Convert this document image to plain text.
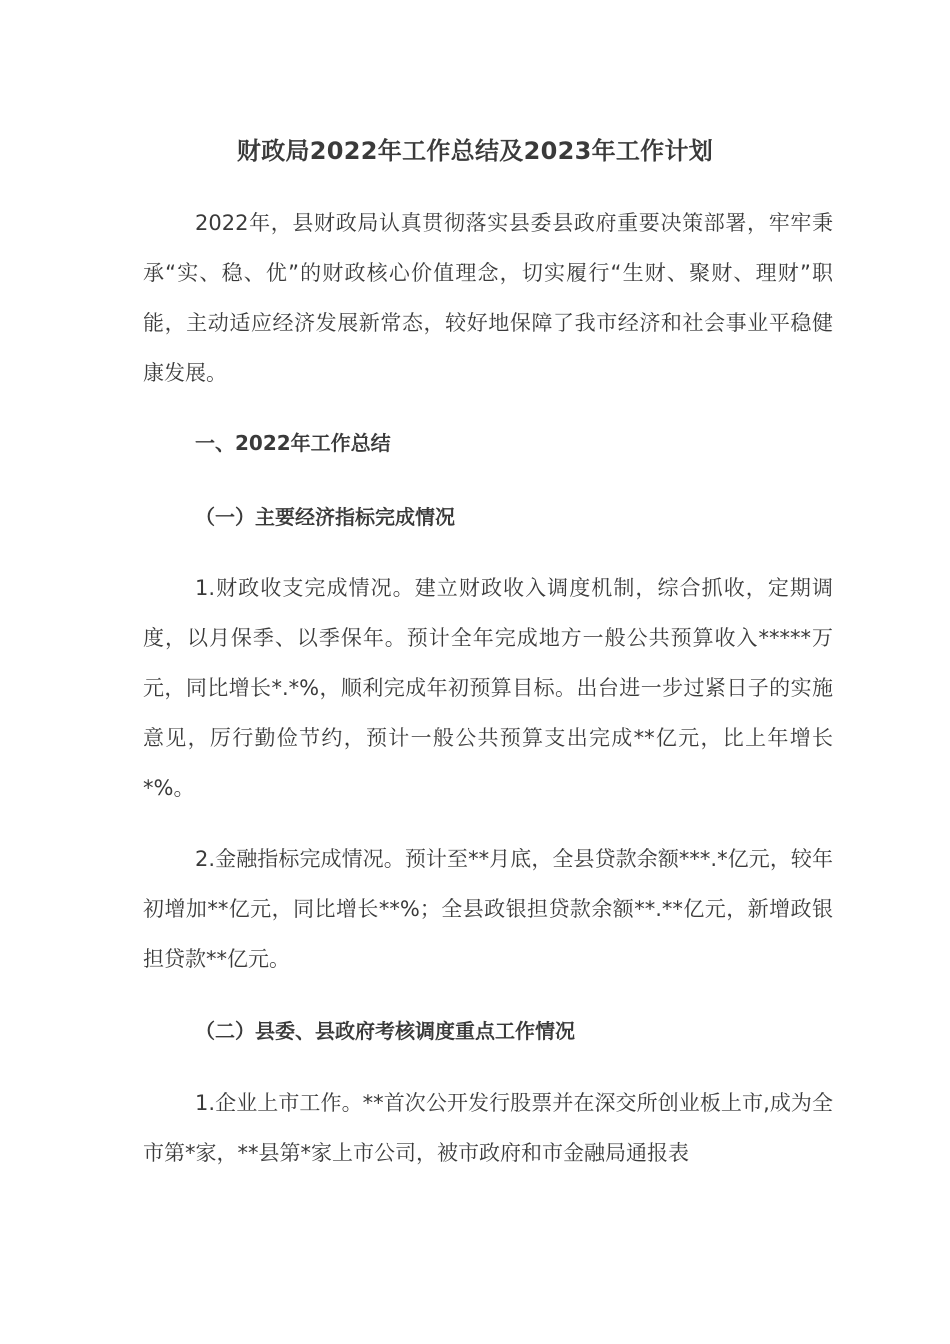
财政局2022年工作总结及2023年工作计划

2022年，县财政局认真贯彻落实县委县政府重要决策部署，牢牢秉承“实、稳、优”的财政核心价值理念，切实履行“生财、聚财、理财”职能，主动适应经济发展新常态，较好地保障了我市经济和社会事业平稳健康发展。

一、2022年工作总结

（一）主要经济指标完成情况

1.财政收支完成情况。建立财政收入调度机制，综合抓收，定期调度，以月保季、以季保年。预计全年完成地方一般公共预算收入*****万元，同比增长*.*%，顺利完成年初预算目标。出台进一步过紧日子的实施意见，厉行勤俭节约，预计一般公共预算支出完成**亿元，比上年增长*%。

2.金融指标完成情况。预计至**月底，全县贷款余额***.*亿元，较年初增加**亿元，同比增长**%；全县政银担贷款余额**.**亿元，新增政银担贷款**亿元。

（二）县委、县政府考核调度重点工作情况

1.企业上市工作。**首次公开发行股票并在深交所创业板上市,成为全市第*家，**县第*家上市公司，被市政府和市金融局通报表
